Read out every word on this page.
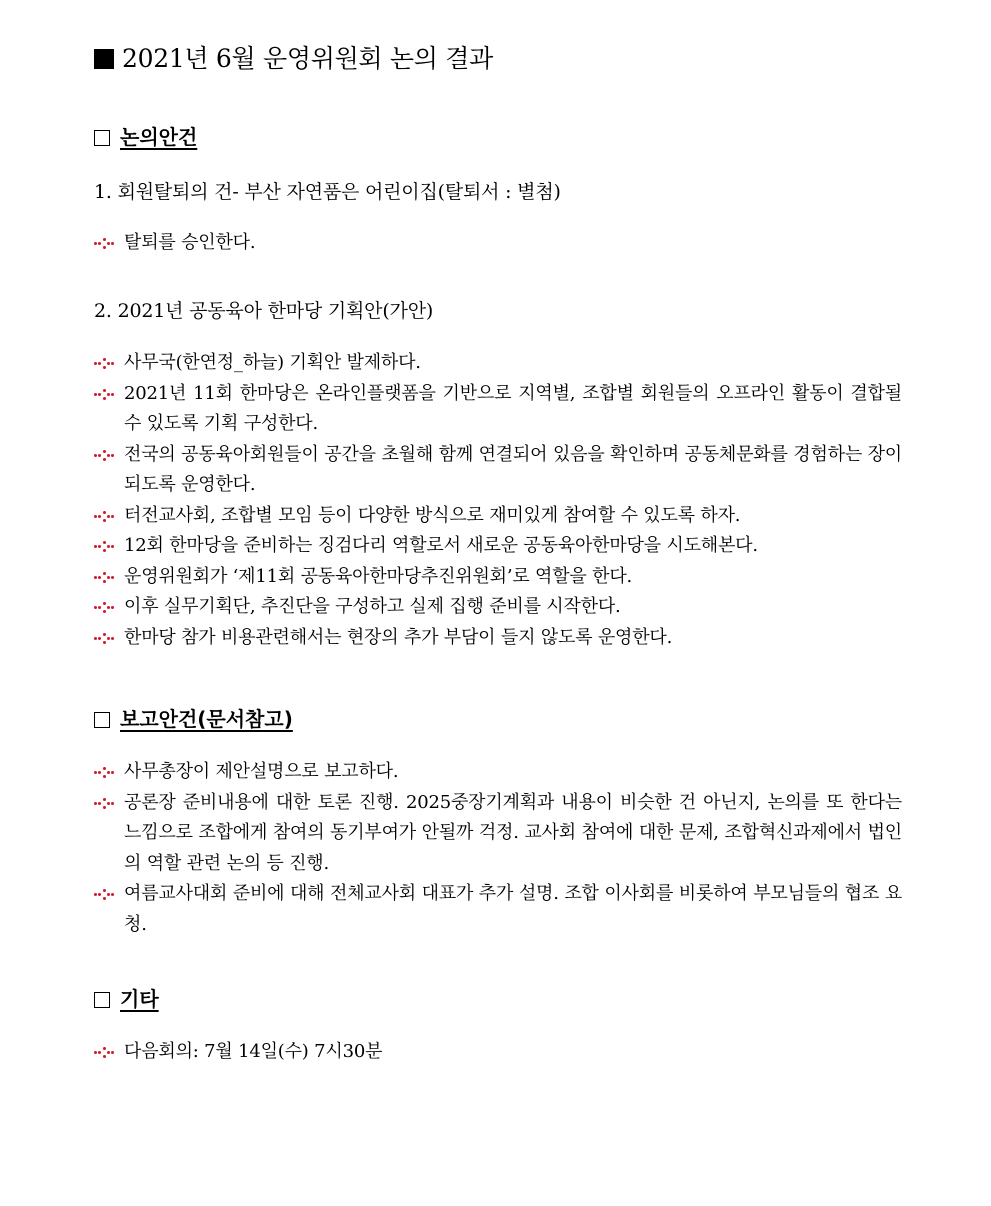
2021년 6월 운영위원회 논의 결과
논의안건
1. 회원탈퇴의 건- 부산 자연품은 어린이집(탈퇴서 : 별첨)
탈퇴를 승인한다.
2. 2021년 공동육아 한마당 기획안(가안)
사무국(한연정_하늘) 기획안 발제하다.
2021년 11회 한마당은 온라인플랫폼을 기반으로 지역별, 조합별 회원들의 오프라인 활동이 결합될 수 있도록 기획 구성한다.
전국의 공동육아회원들이 공간을 초월해 함께 연결되어 있음을 확인하며 공동체문화를 경험하는 장이 되도록 운영한다.
터전교사회, 조합별 모임 등이 다양한 방식으로 재미있게 참여할 수 있도록 하자.
12회 한마당을 준비하는 징검다리 역할로서 새로운 공동육아한마당을 시도해본다.
운영위원회가 ‘제11회 공동육아한마당추진위원회’로 역할을 한다.
이후 실무기획단, 추진단을 구성하고 실제 집행 준비를 시작한다.
한마당 참가 비용관련해서는 현장의 추가 부담이 들지 않도록 운영한다.
보고안건(문서참고)
사무총장이 제안설명으로 보고하다.
공론장 준비내용에 대한 토론 진행. 2025중장기계획과 내용이 비슷한 건 아닌지, 논의를 또 한다는 느낌으로 조합에게 참여의 동기부여가 안될까 걱정. 교사회 참여에 대한 문제, 조합혁신과제에서 법인의 역할 관련 논의 등 진행.
여름교사대회 준비에 대해 전체교사회 대표가 추가 설명. 조합 이사회를 비롯하여 부모님들의 협조 요청.
기타
다음회의: 7월 14일(수) 7시30분
